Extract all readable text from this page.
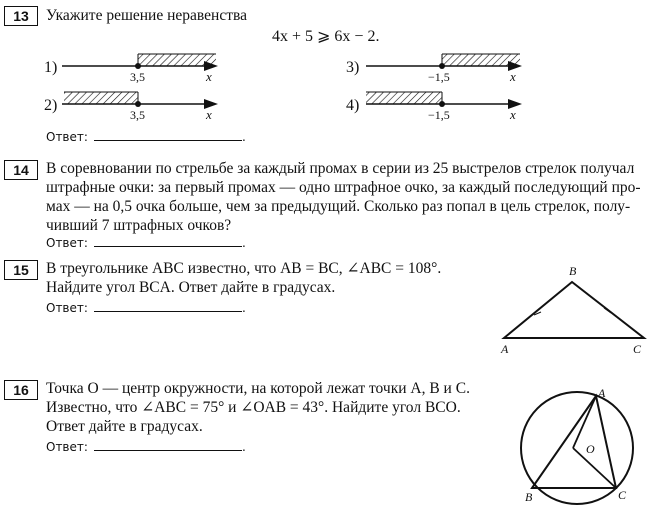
13	Укажите решение неравенства
4x + 5 ⩾ 6x − 2.
1)
3,5	x
2)
3,5	x
3)
−1,5	x
4)
−1,5	x
Ответ:	.
14	В соревновании по стрельбе за каждый промах в серии из 25 выстрелов стрелок получал
штрафные очки: за первый промах — одно штрафное очко, за каждый последующий про-
мах — на 0,5 очка больше, чем за предыдущий. Сколько раз попал в цель стрелок, полу-
чивший 7 штрафных очков?
Ответ:	.
15	В треугольнике ABC известно, что AB = BC, ∠ABC = 108°.
Найдите угол BCA. Ответ дайте в градусах.
Ответ:	.
B
A	C
16	Точка O — центр окружности, на которой лежат точки A, B и C.
Известно, что ∠ABC = 75° и ∠OAB = 43°. Найдите угол BCO.
Ответ дайте в градусах.
Ответ:	.
A
O
B	C
